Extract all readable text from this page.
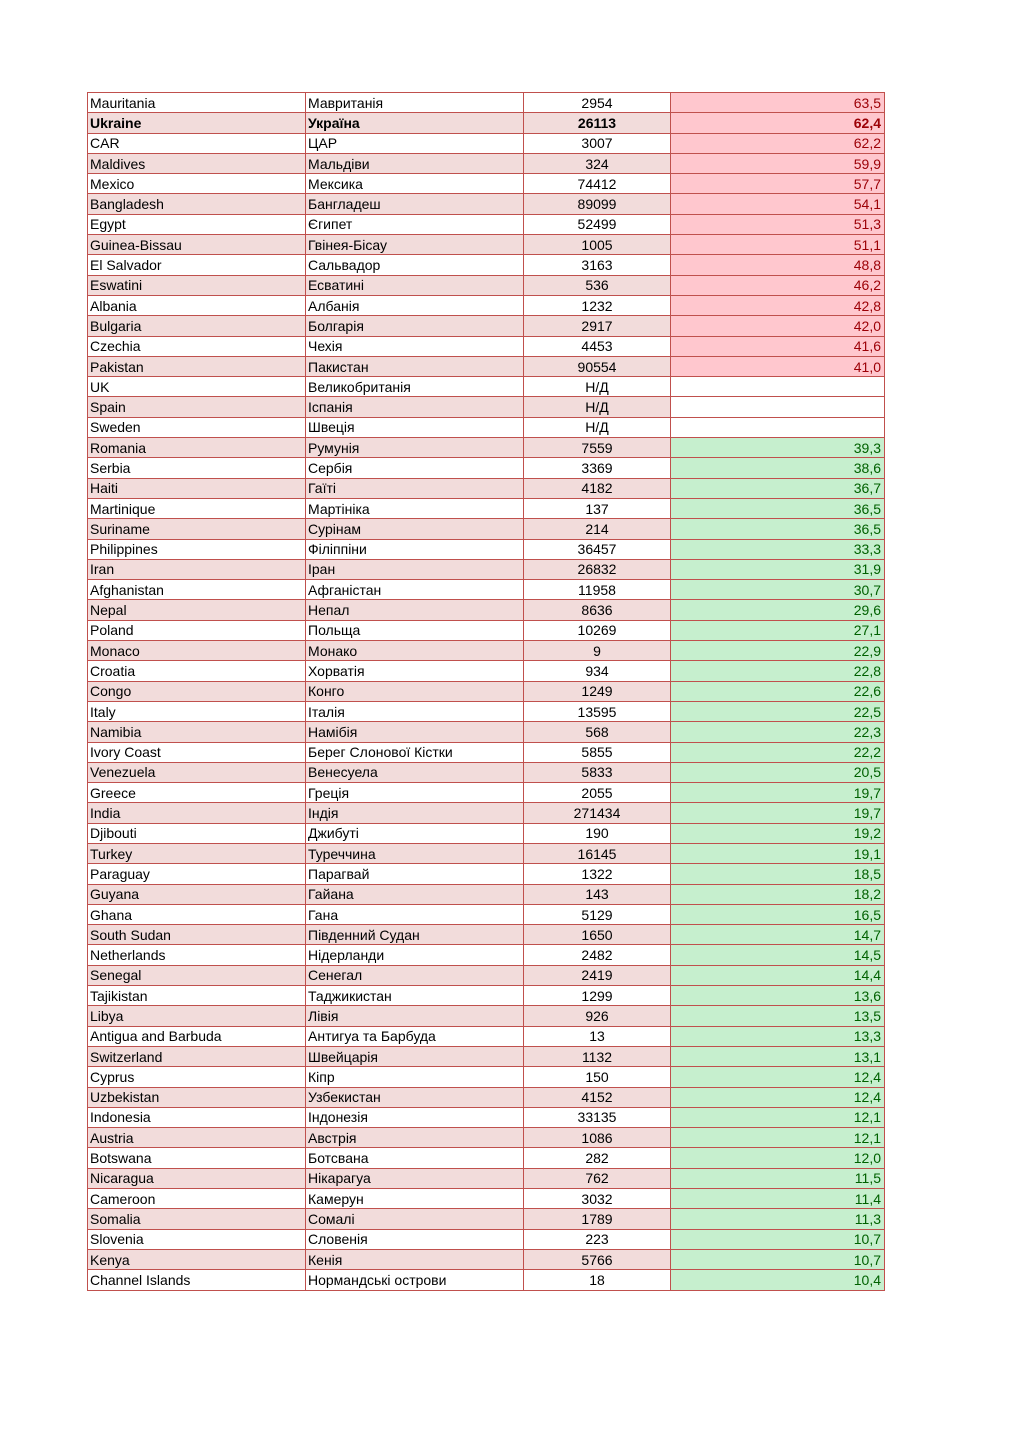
Mauritania	Мавританія	2954	63,5
Ukraine	Україна	26113	62,4
CAR	ЦАР	3007	62,2
Maldives	Мальдіви	324	59,9
Mexico	Мексика	74412	57,7
Bangladesh	Бангладеш	89099	54,1
Egypt	Єгипет	52499	51,3
Guinea-Bissau	Гвінея-Бісау	1005	51,1
El Salvador	Сальвадор	3163	48,8
Eswatini	Есватині	536	46,2
Albania	Албанія	1232	42,8
Bulgaria	Болгарія	2917	42,0
Czechia	Чехія	4453	41,6
Pakistan	Пакистан	90554	41,0
UK	Великобританія	Н/Д	
Spain	Іспанія	Н/Д	
Sweden	Швеція	Н/Д	
Romania	Румунія	7559	39,3
Serbia	Сербія	3369	38,6
Haiti	Гаїті	4182	36,7
Martinique	Мартініка	137	36,5
Suriname	Сурінам	214	36,5
Philippines	Філіппіни	36457	33,3
Iran	Іран	26832	31,9
Afghanistan	Афганістан	11958	30,7
Nepal	Непал	8636	29,6
Poland	Польща	10269	27,1
Monaco	Монако	9	22,9
Croatia	Хорватія	934	22,8
Congo	Конго	1249	22,6
Italy	Італія	13595	22,5
Namibia	Намібія	568	22,3
Ivory Coast	Берег Слонової Кістки	5855	22,2
Venezuela	Венесуела	5833	20,5
Greece	Греція	2055	19,7
India	Індія	271434	19,7
Djibouti	Джибуті	190	19,2
Turkey	Туреччина	16145	19,1
Paraguay	Парагвай	1322	18,5
Guyana	Гайана	143	18,2
Ghana	Гана	5129	16,5
South Sudan	Південний Судан	1650	14,7
Netherlands	Нідерланди	2482	14,5
Senegal	Сенегал	2419	14,4
Tajikistan	Таджикистан	1299	13,6
Libya	Лівія	926	13,5
Antigua and Barbuda	Антигуа та Барбуда	13	13,3
Switzerland	Швейцарія	1132	13,1
Cyprus	Кіпр	150	12,4
Uzbekistan	Узбекистан	4152	12,4
Indonesia	Індонезія	33135	12,1
Austria	Австрія	1086	12,1
Botswana	Ботсвана	282	12,0
Nicaragua	Нікарагуа	762	11,5
Cameroon	Камерун	3032	11,4
Somalia	Сомалі	1789	11,3
Slovenia	Словенія	223	10,7
Kenya	Кенія	5766	10,7
Channel Islands	Нормандські острови	18	10,4
